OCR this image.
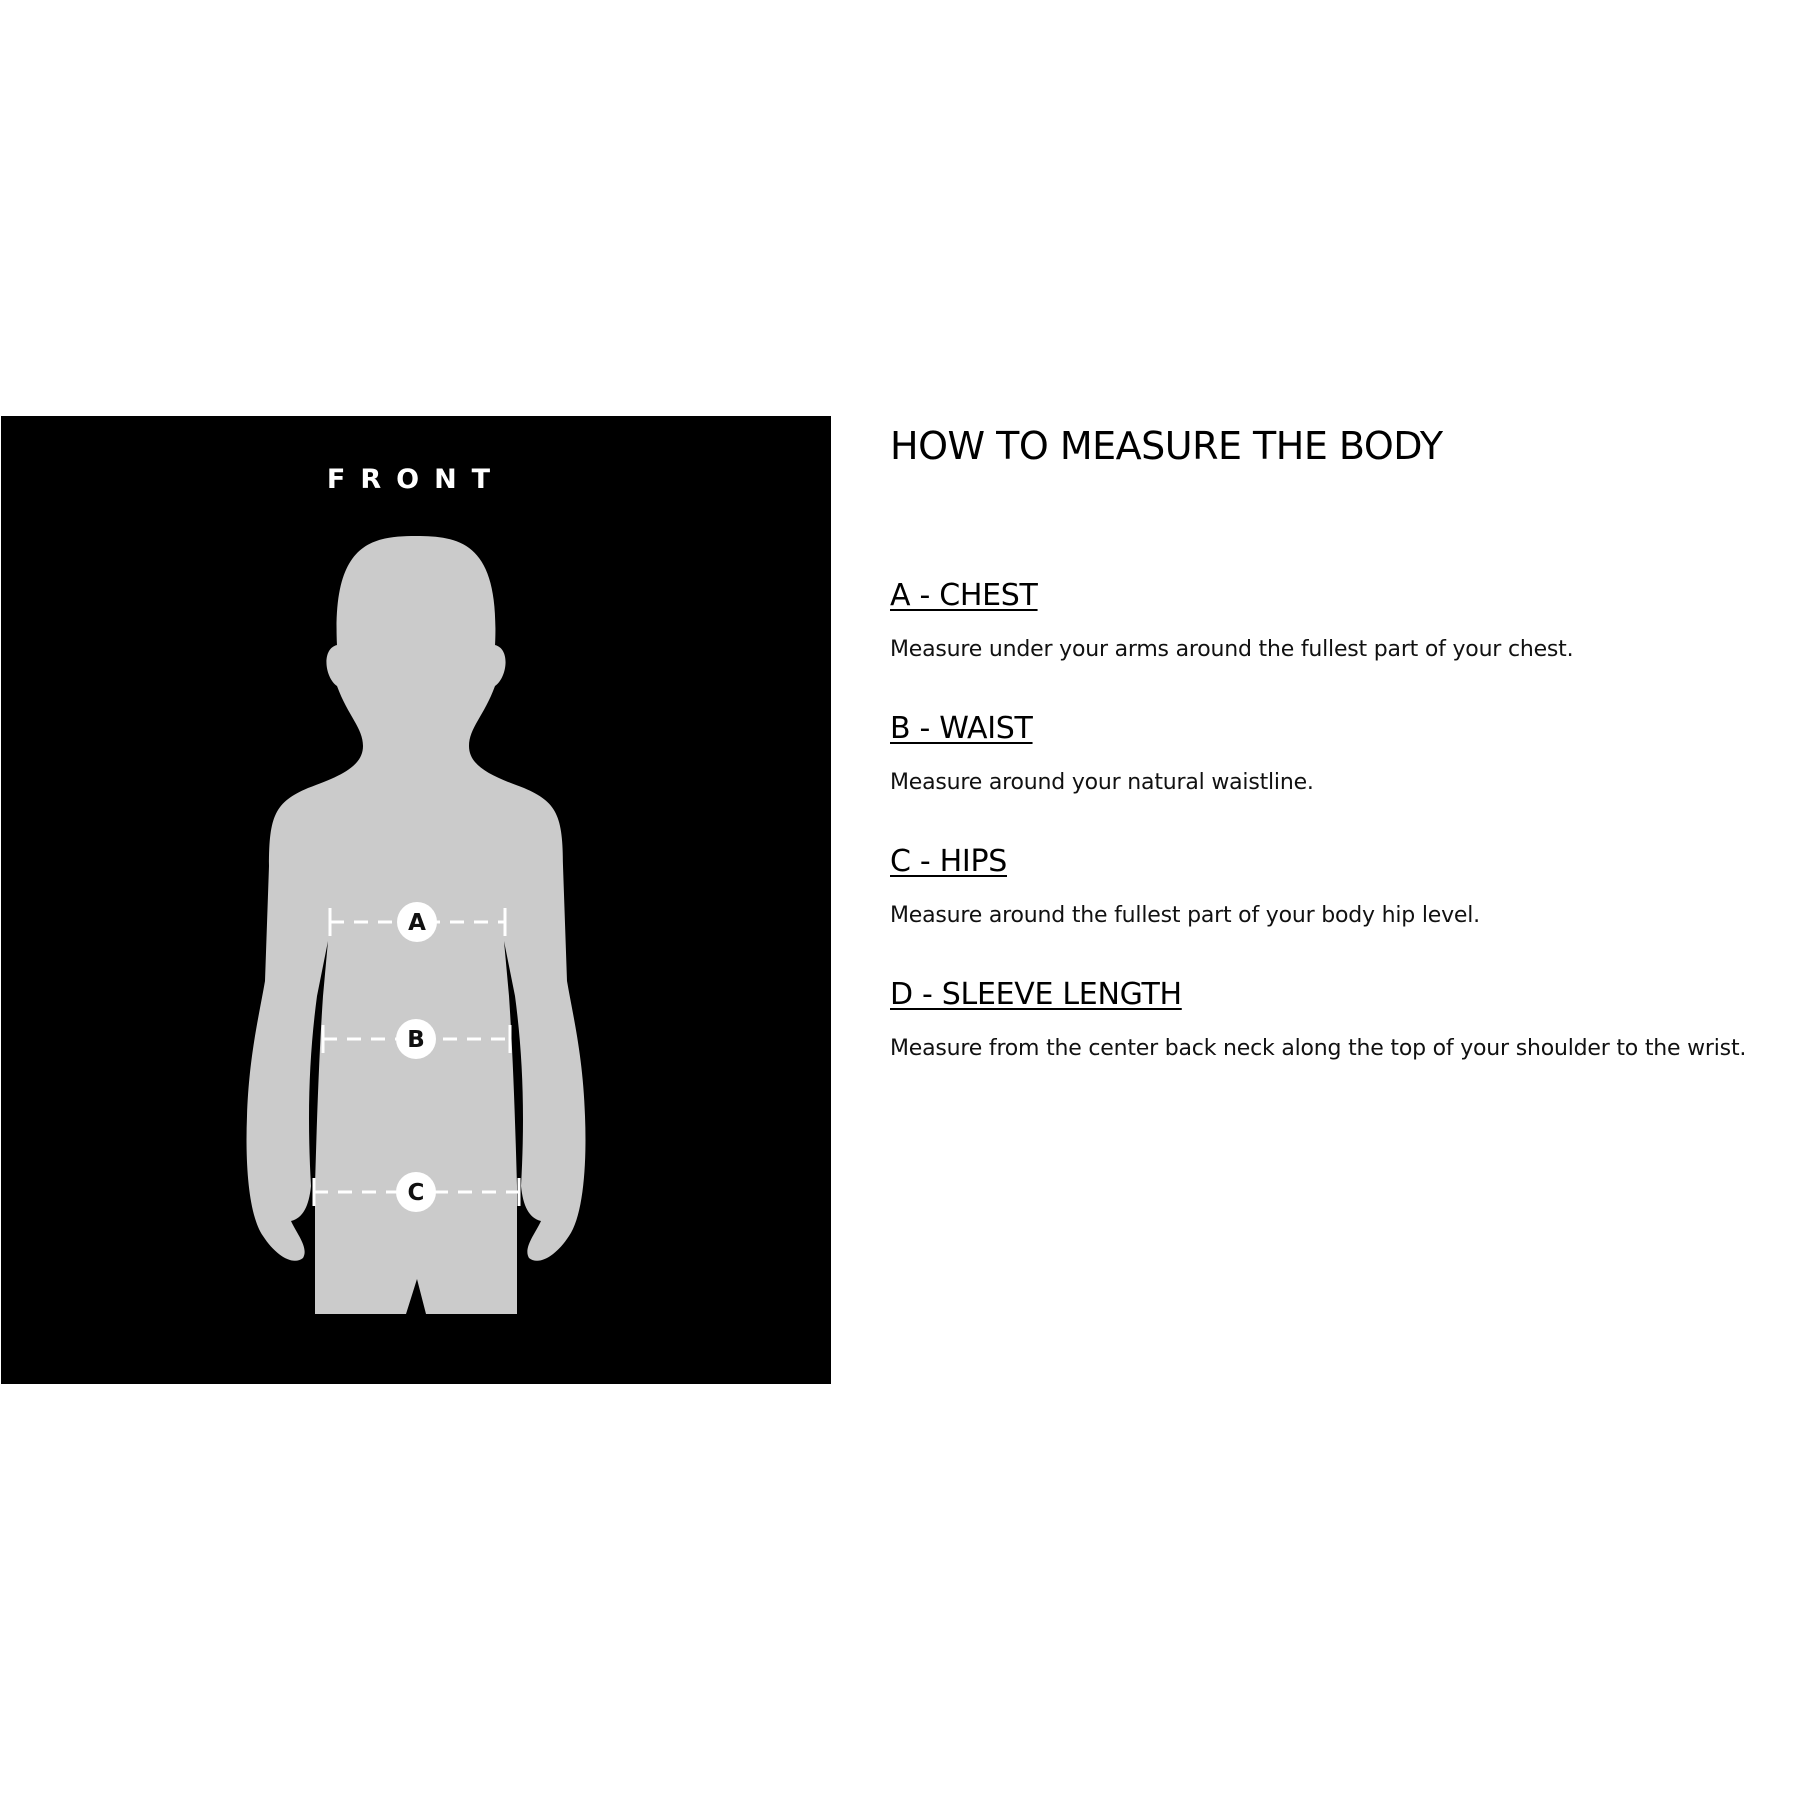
FRONT
A
B
C
HOW TO MEASURE THE BODY
A - CHEST

Measure under your arms around the fullest part of your chest.

B - WAIST

Measure around your natural waistline.

C - HIPS

Measure around the fullest part of your body hip level.

D - SLEEVE LENGTH

Measure from the center back neck along the top of your shoulder to the wrist.
